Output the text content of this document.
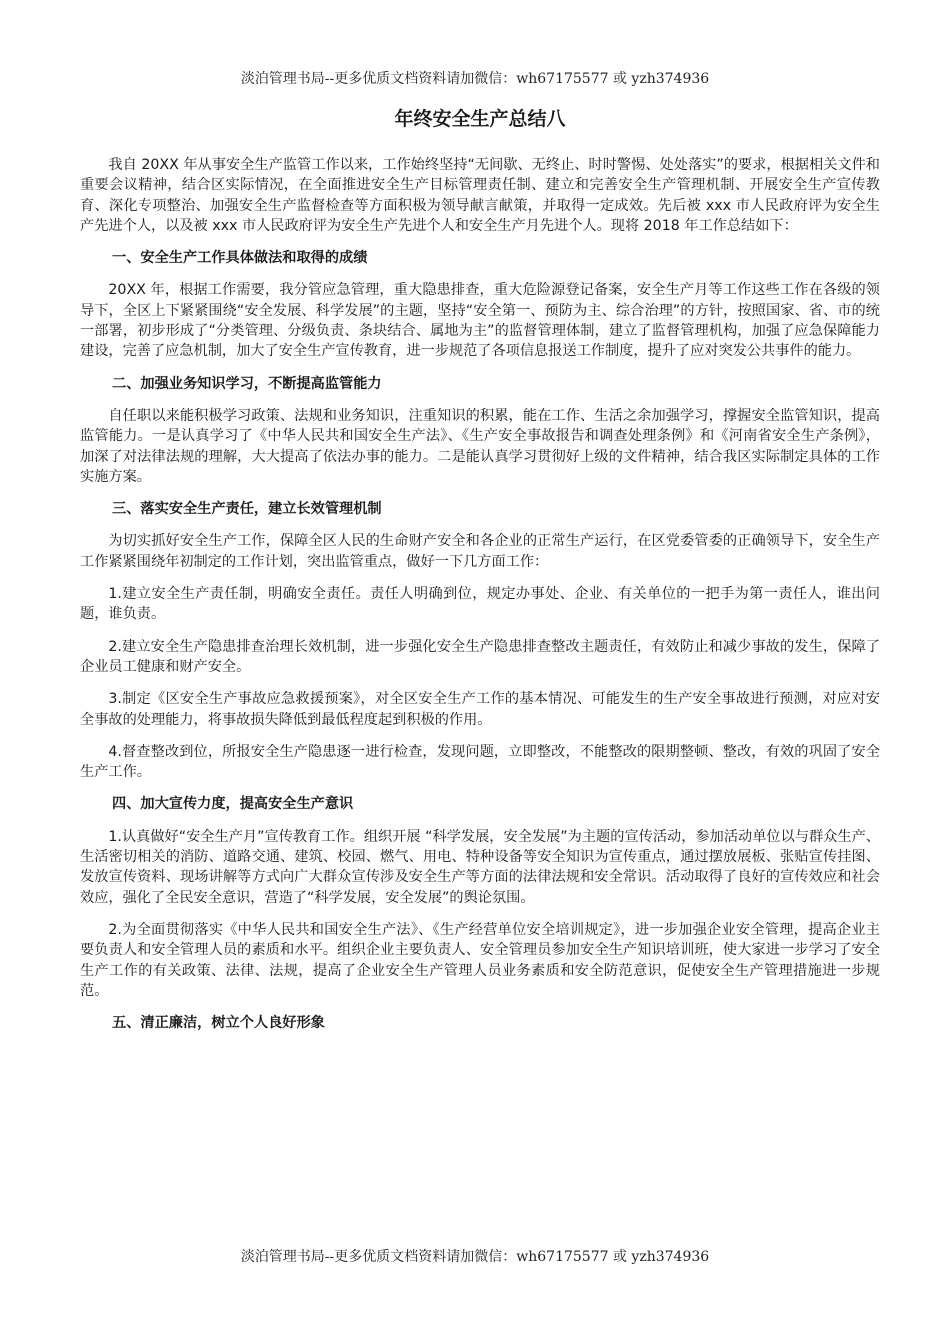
淡泊管理书局--更多优质文档资料请加微信：wh67175577 或 yzh374936
年终安全生产总结八

我自 20XX 年从事安全生产监管工作以来，工作始终坚持“无间歇、无终止、时时警惕、处处落实”的要求，根据相关文件和重要会议精神，结合区实际情况，在全面推进安全生产目标管理责任制、建立和完善安全生产管理机制、开展安全生产宣传教育、深化专项整治、加强安全生产监督检查等方面积极为领导献言献策，并取得一定成效。先后被 xxx 市人民政府评为安全生产先进个人，以及被 xxx 市人民政府评为安全生产先进个人和安全生产月先进个人。现将 2018 年工作总结如下：

一、安全生产工作具体做法和取得的成绩

20XX 年，根据工作需要，我分管应急管理，重大隐患排查，重大危险源登记备案，安全生产月等工作这些工作在各级的领导下，全区上下紧紧围绕“安全发展、科学发展”的主题，坚持“安全第一、预防为主、综合治理”的方针，按照国家、省、市的统一部署，初步形成了“分类管理、分级负责、条块结合、属地为主”的监督管理体制，建立了监督管理机构，加强了应急保障能力建设，完善了应急机制，加大了安全生产宣传教育，进一步规范了各项信息报送工作制度，提升了应对突发公共事件的能力。

二、加强业务知识学习，不断提高监管能力

自任职以来能积极学习政策、法规和业务知识，注重知识的积累，能在工作、生活之余加强学习，撑握安全监管知识，提高监管能力。一是认真学习了《中华人民共和国安全生产法》、《生产安全事故报告和调查处理条例》和《河南省安全生产条例》，加深了对法律法规的理解，大大提高了依法办事的能力。二是能认真学习贯彻好上级的文件精神，结合我区实际制定具体的工作实施方案。

三、落实安全生产责任，建立长效管理机制

为切实抓好安全生产工作，保障全区人民的生命财产安全和各企业的正常生产运行，在区党委管委的正确领导下，安全生产工作紧紧围绕年初制定的工作计划，突出监管重点，做好一下几方面工作：

1.建立安全生产责任制，明确安全责任。责任人明确到位，规定办事处、企业、有关单位的一把手为第一责任人，谁出问题，谁负责。

2.建立安全生产隐患排查治理长效机制，进一步强化安全生产隐患排查整改主题责任，有效防止和减少事故的发生，保障了企业员工健康和财产安全。

3.制定《区安全生产事故应急救援预案》，对全区安全生产工作的基本情况、可能发生的生产安全事故进行预测，对应对安全事故的处理能力，将事故损失降低到最低程度起到积极的作用。

4.督查整改到位，所报安全生产隐患逐一进行检查，发现问题，立即整改，不能整改的限期整顿、整改，有效的巩固了安全生产工作。

四、加大宣传力度，提高安全生产意识

1.认真做好“安全生产月”宣传教育工作。组织开展 “科学发展，安全发展”为主题的宣传活动，参加活动单位以与群众生产、生活密切相关的消防、道路交通、建筑、校园、燃气、用电、特种设备等安全知识为宣传重点，通过摆放展板、张贴宣传挂图、发放宣传资料、现场讲解等方式向广大群众宣传涉及安全生产等方面的法律法规和安全常识。活动取得了良好的宣传效应和社会效应，强化了全民安全意识，营造了“科学发展，安全发展”的舆论氛围。

2.为全面贯彻落实《中华人民共和国安全生产法》、《生产经营单位安全培训规定》，进一步加强企业安全管理，提高企业主要负责人和安全管理人员的素质和水平。组织企业主要负责人、安全管理员参加安全生产知识培训班，使大家进一步学习了安全生产工作的有关政策、法律、法规，提高了企业安全生产管理人员业务素质和安全防范意识，促使安全生产管理措施进一步规范。

五、清正廉洁，树立个人良好形象
淡泊管理书局--更多优质文档资料请加微信：wh67175577 或 yzh374936
